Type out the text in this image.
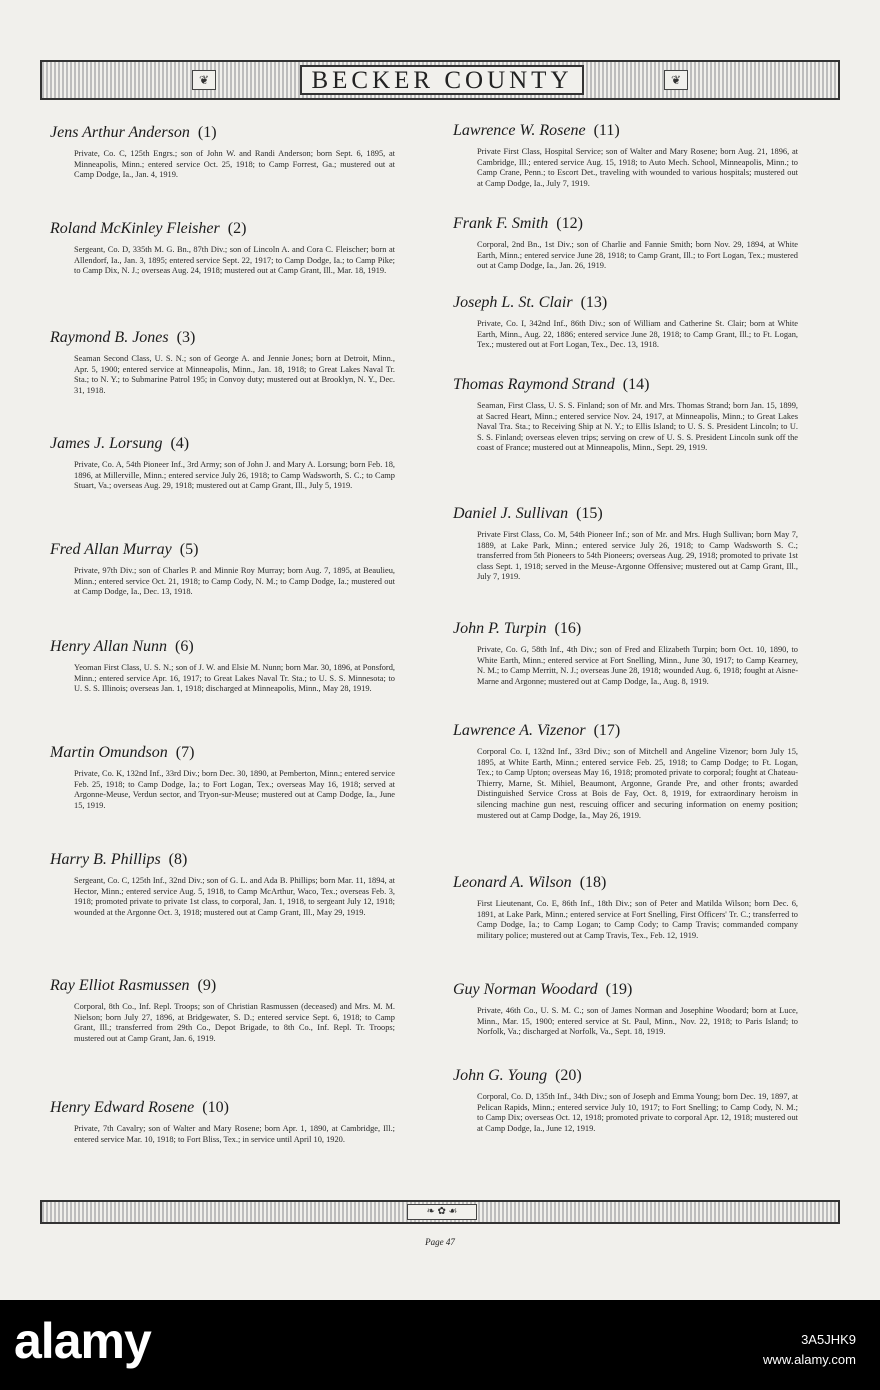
❦	BECKER COUNTY	❦
Jens Arthur Anderson (1)
Private, Co. C, 125th Engrs.; son of John W. and Randi Anderson; born Sept. 6, 1895, at Minneapolis, Minn.; entered service Oct. 25, 1918; to Camp Forrest, Ga.; mustered out at Camp Dodge, Ia., Jan. 4, 1919.
Roland McKinley Fleisher (2)
Sergeant, Co. D, 335th M. G. Bn., 87th Div.; son of Lincoln A. and Cora C. Fleischer; born at Allendorf, Ia., Jan. 3, 1895; entered service Sept. 22, 1917; to Camp Dodge, Ia.; to Camp Pike; to Camp Dix, N. J.; overseas Aug. 24, 1918; mustered out at Camp Grant, Ill., Mar. 18, 1919.
Raymond B. Jones (3)
Seaman Second Class, U. S. N.; son of George A. and Jennie Jones; born at Detroit, Minn., Apr. 5, 1900; entered service at Minneapolis, Minn., Jan. 18, 1918; to Great Lakes Naval Tr. Sta.; to N. Y.; to Submarine Patrol 195; in Convoy duty; mustered out at Brooklyn, N. Y., Dec. 31, 1918.
James J. Lorsung (4)
Private, Co. A, 54th Pioneer Inf., 3rd Army; son of John J. and Mary A. Lorsung; born Feb. 18, 1896, at Millerville, Minn.; entered service July 26, 1918; to Camp Wadsworth, S. C.; to Camp Stuart, Va.; overseas Aug. 29, 1918; mustered out at Camp Grant, Ill., July 5, 1919.
Fred Allan Murray (5)
Private, 97th Div.; son of Charles P. and Minnie Roy Murray; born Aug. 7, 1895, at Beaulieu, Minn.; entered service Oct. 21, 1918; to Camp Cody, N. M.; to Camp Dodge, Ia.; mustered out at Camp Dodge, Ia., Dec. 13, 1918.
Henry Allan Nunn (6)
Yeoman First Class, U. S. N.; son of J. W. and Elsie M. Nunn; born Mar. 30, 1896, at Ponsford, Minn.; entered service Apr. 16, 1917; to Great Lakes Naval Tr. Sta.; to U. S. S. Minnesota; to U. S. S. Illinois; overseas Jan. 1, 1918; discharged at Minneapolis, Minn., May 28, 1919.
Martin Omundson (7)
Private, Co. K, 132nd Inf., 33rd Div.; born Dec. 30, 1890, at Pemberton, Minn.; entered service Feb. 25, 1918; to Camp Dodge, Ia.; to Fort Logan, Tex.; overseas May 16, 1918; served at Argonne-Meuse, Verdun sector, and Tryon-sur-Meuse; mustered out at Camp Dodge, Ia., June 15, 1919.
Harry B. Phillips (8)
Sergeant, Co. C, 125th Inf., 32nd Div.; son of G. L. and Ada B. Phillips; born Mar. 11, 1894, at Hector, Minn.; entered service Aug. 5, 1918, to Camp McArthur, Waco, Tex.; overseas Feb. 3, 1918; promoted private to private 1st class, to corporal, Jan. 1, 1918, to sergeant July 12, 1918; wounded at the Argonne Oct. 3, 1918; mustered out at Camp Grant, Ill., May 29, 1919.
Ray Elliot Rasmussen (9)
Corporal, 8th Co., Inf. Repl. Troops; son of Christian Rasmussen (deceased) and Mrs. M. M. Nielson; born July 27, 1896, at Bridgewater, S. D.; entered service Sept. 6, 1918; to Camp Grant, Ill.; transferred from 29th Co., Depot Brigade, to 8th Co., Inf. Repl. Tr. Troops; mustered out at Camp Grant, Jan. 6, 1919.
Henry Edward Rosene (10)
Private, 7th Cavalry; son of Walter and Mary Rosene; born Apr. 1, 1890, at Cambridge, Ill.; entered service Mar. 10, 1918; to Fort Bliss, Tex.; in service until April 10, 1920.
Lawrence W. Rosene (11)
Private First Class, Hospital Service; son of Walter and Mary Rosene; born Aug. 21, 1896, at Cambridge, Ill.; entered service Aug. 15, 1918; to Auto Mech. School, Minneapolis, Minn.; to Camp Crane, Penn.; to Escort Det., traveling with wounded to various hospitals; mustered out at Camp Dodge, Ia., July 7, 1919.
Frank F. Smith (12)
Corporal, 2nd Bn., 1st Div.; son of Charlie and Fannie Smith; born Nov. 29, 1894, at White Earth, Minn.; entered service June 28, 1918; to Camp Grant, Ill.; to Fort Logan, Tex.; mustered out at Camp Dodge, Ia., Jan. 26, 1919.
Joseph L. St. Clair (13)
Private, Co. I, 342nd Inf., 86th Div.; son of William and Catherine St. Clair; born at White Earth, Minn., Aug. 22, 1886; entered service June 28, 1918; to Camp Grant, Ill.; to Ft. Logan, Tex.; mustered out at Fort Logan, Tex., Dec. 13, 1918.
Thomas Raymond Strand (14)
Seaman, First Class, U. S. S. Finland; son of Mr. and Mrs. Thomas Strand; born Jan. 15, 1899, at Sacred Heart, Minn.; entered service Nov. 24, 1917, at Minneapolis, Minn.; to Great Lakes Naval Tra. Sta.; to Receiving Ship at N. Y.; to Ellis Island; to U. S. S. President Lincoln; to U. S. S. Finland; overseas eleven trips; serving on crew of U. S. S. President Lincoln sunk off the coast of France; mustered out at Minneapolis, Minn., Sept. 29, 1919.
Daniel J. Sullivan (15)
Private First Class, Co. M, 54th Pioneer Inf.; son of Mr. and Mrs. Hugh Sullivan; born May 7, 1889, at Lake Park, Minn.; entered service July 26, 1918; to Camp Wadsworth S. C.; transferred from 5th Pioneers to 54th Pioneers; overseas Aug. 29, 1918; promoted to private 1st class Sept. 1, 1918; served in the Meuse-Argonne Offensive; mustered out at Camp Grant, Ill., July 7, 1919.
John P. Turpin (16)
Private, Co. G, 58th Inf., 4th Div.; son of Fred and Elizabeth Turpin; born Oct. 10, 1890, to White Earth, Minn.; entered service at Fort Snelling, Minn., June 30, 1917; to Camp Kearney, N. M.; to Camp Merritt, N. J.; overseas June 28, 1918; wounded Aug. 6, 1918; fought at Aisne-Marne and Argonne; mustered out at Camp Dodge, Ia., Aug. 8, 1919.
Lawrence A. Vizenor (17)
Corporal Co. I, 132nd Inf., 33rd Div.; son of Mitchell and Angeline Vizenor; born July 15, 1895, at White Earth, Minn.; entered service Feb. 25, 1918; to Camp Dodge; to Ft. Logan, Tex.; to Camp Upton; overseas May 16, 1918; promoted private to corporal; fought at Chateau-Thierry, Marne, St. Mihiel, Beaumont, Argonne, Grande Pre, and other fronts; awarded Distinguished Service Cross at Bois de Fay, Oct. 8, 1919, for extraordinary heroism in silencing machine gun nest, rescuing officer and securing information on enemy position; mustered out at Camp Dodge, Ia., May 26, 1919.
Leonard A. Wilson (18)
First Lieutenant, Co. E, 86th Inf., 18th Div.; son of Peter and Matilda Wilson; born Dec. 6, 1891, at Lake Park, Minn.; entered service at Fort Snelling, First Officers' Tr. C.; transferred to Camp Dodge, Ia.; to Camp Logan; to Camp Cody; to Camp Travis; commanded company military police; mustered out at Camp Travis, Tex., Feb. 12, 1919.
Guy Norman Woodard (19)
Private, 46th Co., U. S. M. C.; son of James Norman and Josephine Woodard; born at Luce, Minn., Mar. 15, 1900; entered service at St. Paul, Minn., Nov. 22, 1918; to Paris Island; to Norfolk, Va.; discharged at Norfolk, Va., Sept. 18, 1919.
John G. Young (20)
Corporal, Co. D, 135th Inf., 34th Div.; son of Joseph and Emma Young; born Dec. 19, 1897, at Pelican Rapids, Minn.; entered service July 10, 1917; to Fort Snelling; to Camp Cody, N. M.; to Camp Dix; overseas Oct. 12, 1918; promoted private to corporal Apr. 12, 1918; mustered out at Camp Dodge, Ia., June 12, 1919.
❧ ✿ ☙
Page 47
alamy	3A5JHK9
www.alamy.com
